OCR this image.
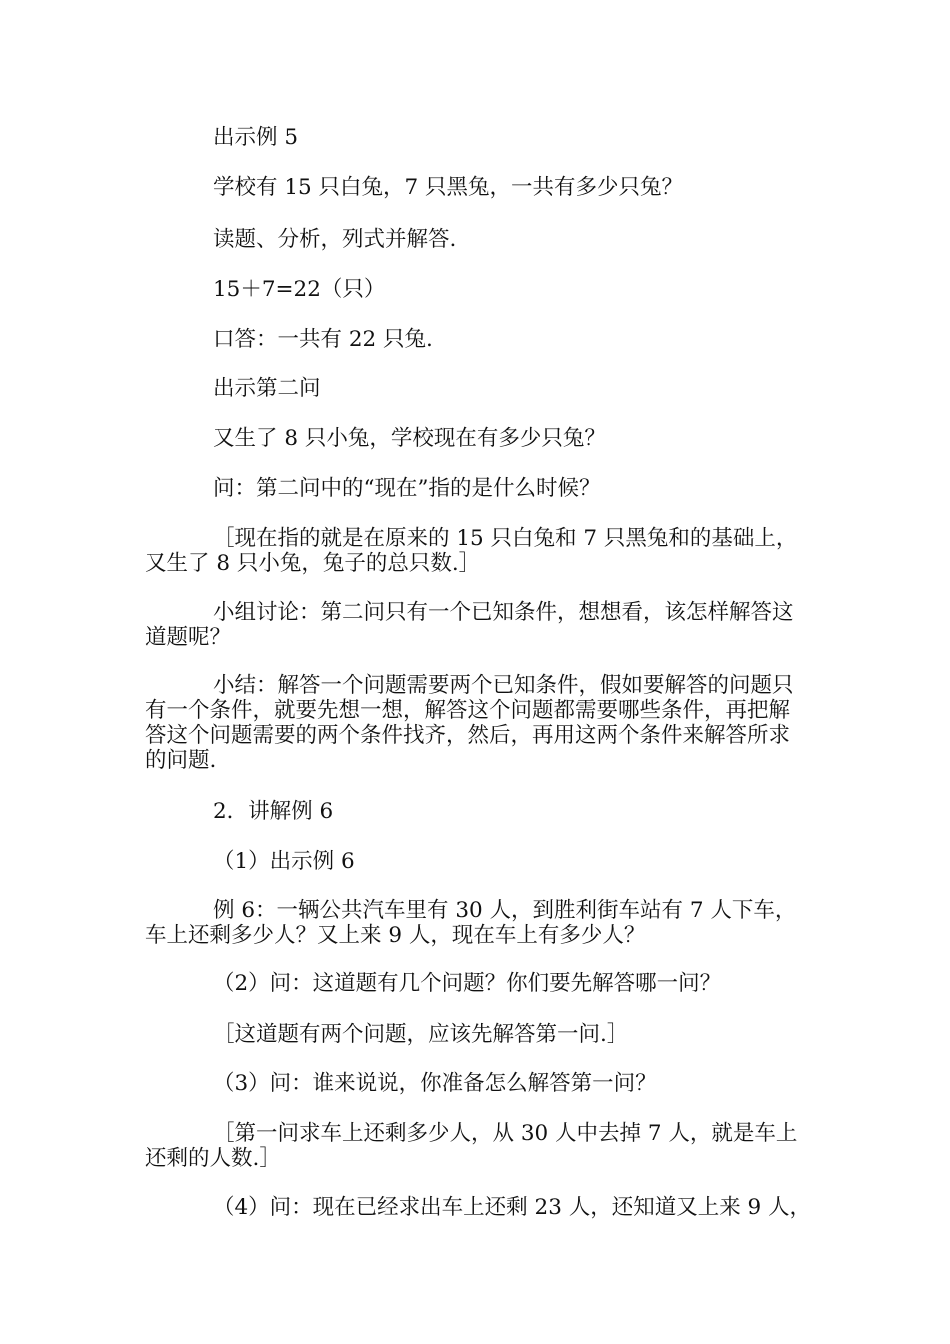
出示例 5

学校有 15 只白兔，7 只黑兔，一共有多少只兔？

读题、分析，列式并解答.

15＋7=22（只）

口答：一共有 22 只兔.

出示第二问

又生了 8 只小兔，学校现在有多少只兔？

问：第二问中的“现在”指的是什么时候？

［现在指的就是在原来的 15 只白兔和 7 只黑兔和的基础上，又生了 8 只小兔，兔子的总只数.］

小组讨论：第二问只有一个已知条件，想想看，该怎样解答这道题呢？

小结：解答一个问题需要两个已知条件，假如要解答的问题只有一个条件，就要先想一想，解答这个问题都需要哪些条件，再把解答这个问题需要的两个条件找齐，然后，再用这两个条件来解答所求的问题.

2．讲解例 6

（1）出示例 6

例 6：一辆公共汽车里有 30 人，到胜利街车站有 7 人下车，车上还剩多少人？又上来 9 人，现在车上有多少人？

（2）问：这道题有几个问题？你们要先解答哪一问？

［这道题有两个问题，应该先解答第一问.］

（3）问：谁来说说，你准备怎么解答第一问？

［第一问求车上还剩多少人，从 30 人中去掉 7 人，就是车上还剩的人数.］

（4）问：现在已经求出车上还剩 23 人，还知道又上来 9 人，
